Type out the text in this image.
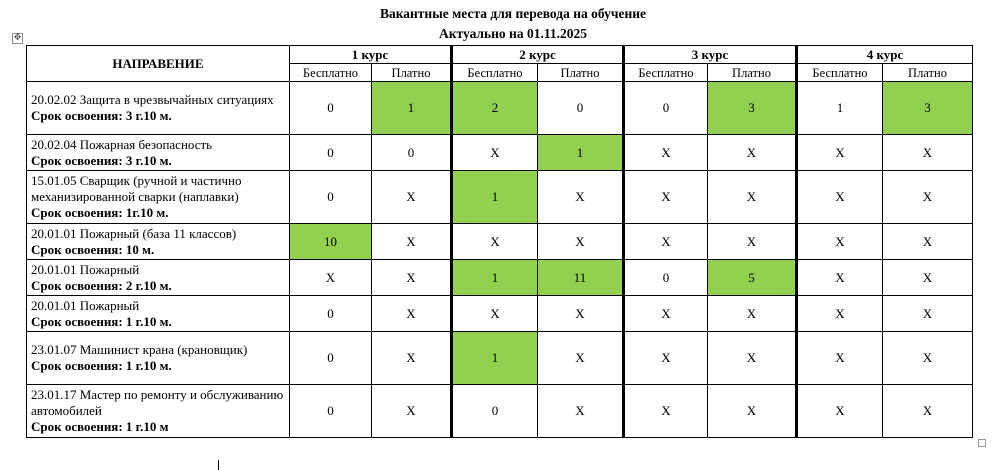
Вакантные места для перевода на обучение
Актуально на 01.11.2025
✥
НАПРАВЕНИЕ	1 курс		2 курс		3 курс		4 курс	
	Бесплатно	Платно	Бесплатно	Платно	Бесплатно	Платно	Бесплатно	Платно

20.02.02 Защита в чрезвычайных ситуациях
Срок освоения: 3 г.10 м.	0	1	2	0	0	3	1	3

20.02.04 Пожарная безопасность
Срок освоения: 3 г.10 м.	0	0	Х	1	Х	Х	Х	Х

15.01.05 Сварщик (ручной и частично механизированной сварки (наплавки)
Срок освоения: 1г.10 м.	0	Х	1	Х	Х	Х	Х	Х

20.01.01 Пожарный (база 11 классов)
Срок освоения: 10 м.	10	Х	Х	Х	Х	Х	Х	Х

20.01.01 Пожарный
Срок освоения: 2 г.10 м.	Х	Х	1	11	0	5	Х	Х

20.01.01 Пожарный
Срок освоения: 1 г.10 м.	0	Х	Х	Х	Х	Х	Х	Х

23.01.07 Машинист крана (крановщик)
Срок освоения: 1 г.10 м.	0	Х	1	Х	Х	Х	Х	Х

23.01.17 Мастер по ремонту и обслуживанию автомобилей
Срок освоения: 1 г.10 м	0	Х	0	Х	Х	Х	Х	Х
